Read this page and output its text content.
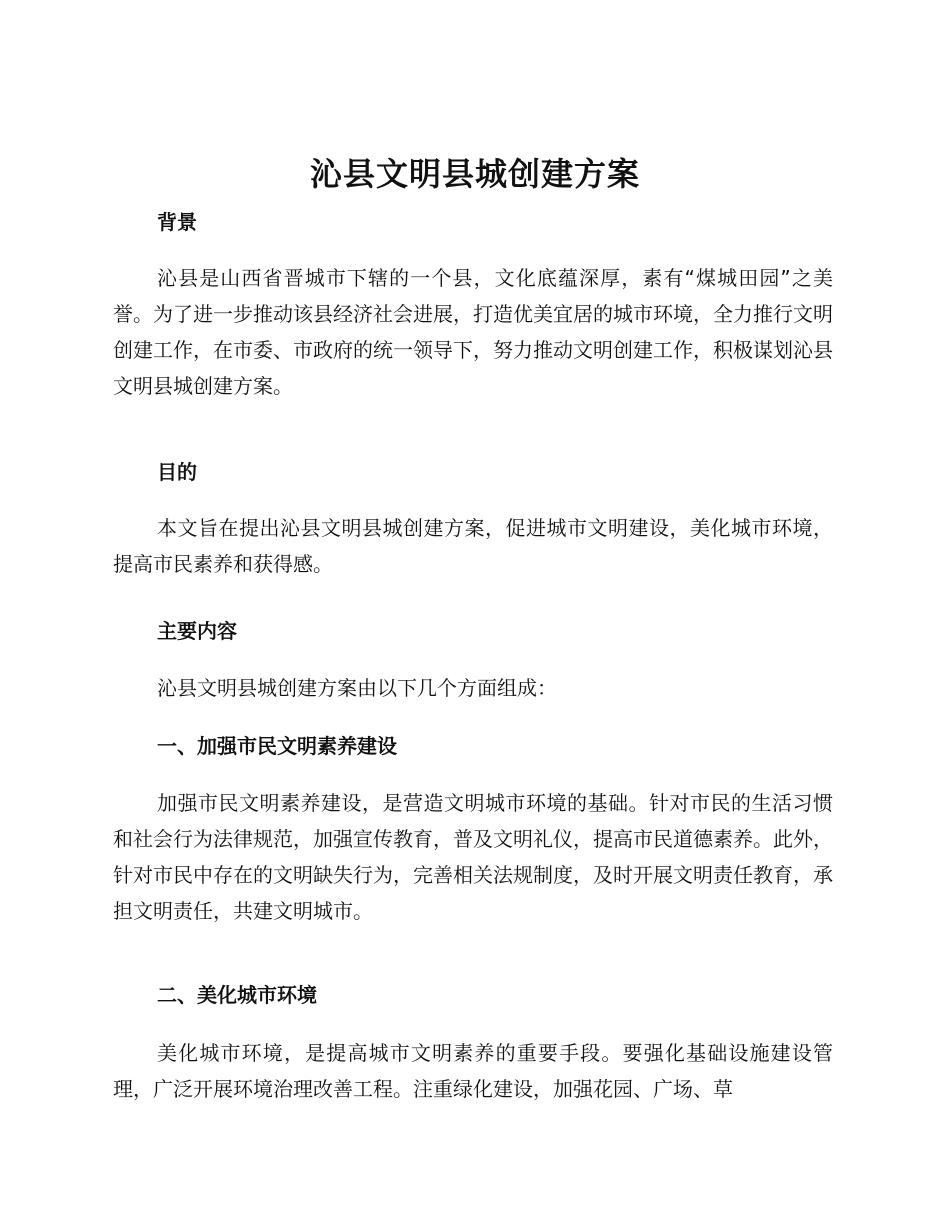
沁县文明县城创建方案
背景

沁县是山西省晋城市下辖的一个县，文化底蕴深厚，素有“煤城田园”之美誉。为了进一步推动该县经济社会进展，打造优美宜居的城市环境，全力推行文明创建工作，在市委、市政府的统一领导下，努力推动文明创建工作，积极谋划沁县文明县城创建方案。

目的

本文旨在提出沁县文明县城创建方案，促进城市文明建设，美化城市环境，提高市民素养和获得感。

主要内容

沁县文明县城创建方案由以下几个方面组成：

一、加强市民文明素养建设

加强市民文明素养建设，是营造文明城市环境的基础。针对市民的生活习惯和社会行为法律规范，加强宣传教育，普及文明礼仪，提高市民道德素养。此外，针对市民中存在的文明缺失行为，完善相关法规制度，及时开展文明责任教育，承担文明责任，共建文明城市。

二、美化城市环境

美化城市环境，是提高城市文明素养的重要手段。要强化基础设施建设管理，广泛开展环境治理改善工程。注重绿化建设，加强花园、广场、草
